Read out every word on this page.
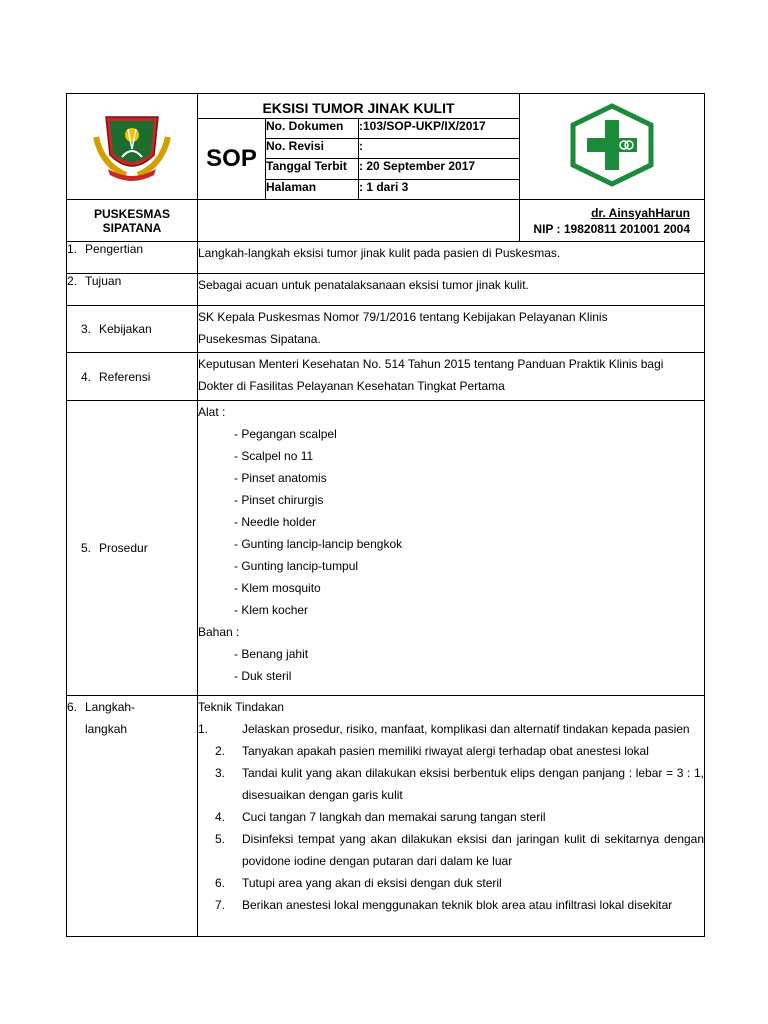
EKSISI TUMOR JINAK KULIT
SOP
No. Dokumen	:103/SOP-UKP/IX/2017
No. Revisi	:
Tanggal Terbit	: 20 September 2017
Halaman	: 1 dari 3

PUSKESMAS
SIPATANA

dr. AinsyahHarun
NIP : 19820811 201001 2004

1. Pengertian	Langkah-langkah eksisi tumor jinak kulit pada pasien di Puskesmas.
2. Tujuan	Sebagai acuan untuk penatalaksanaan eksisi tumor jinak kulit.
3. Kebijakan	
SK Kepala Puskesmas Nomor 79/1/2016 tentang Kebijakan Pelayanan Klinis
Pusekesmas Sipatana.

4. Referensi	
Keputusan Menteri Kesehatan No. 514 Tahun 2015 tentang Panduan Praktik Klinis bagi
Dokter di Fasilitas Pelayanan Kesehatan Tingkat Pertama

5. Prosedur	
Alat :
- Pegangan scalpel
- Scalpel no 11
- Pinset anatomis
- Pinset chirurgis
- Needle holder
- Gunting lancip-lancip bengkok
- Gunting lancip-tumpul
- Klem mosquito
- Klem kocher
Bahan :
- Benang jahit
- Duk steril

6. Langkah-
langkah

Teknik Tindakan
1.	Jelaskan prosedur, risiko, manfaat, komplikasi dan alternatif tindakan kepada pasien
2.	Tanyakan apakah pasien memiliki riwayat alergi terhadap obat anestesi lokal
3.	Tandai kulit yang akan dilakukan eksisi berbentuk elips dengan panjang : lebar = 3 : 1, disesuaikan dengan garis kulit
4.	Cuci tangan 7 langkah dan memakai sarung tangan steril
5.	Disinfeksi tempat yang akan dilakukan eksisi dan jaringan kulit di sekitarnya dengan povidone iodine dengan putaran dari dalam ke luar
6.	Tutupi area yang akan di eksisi dengan duk steril
7.	Berikan anestesi lokal menggunakan teknik blok area atau infiltrasi lokal disekitar
